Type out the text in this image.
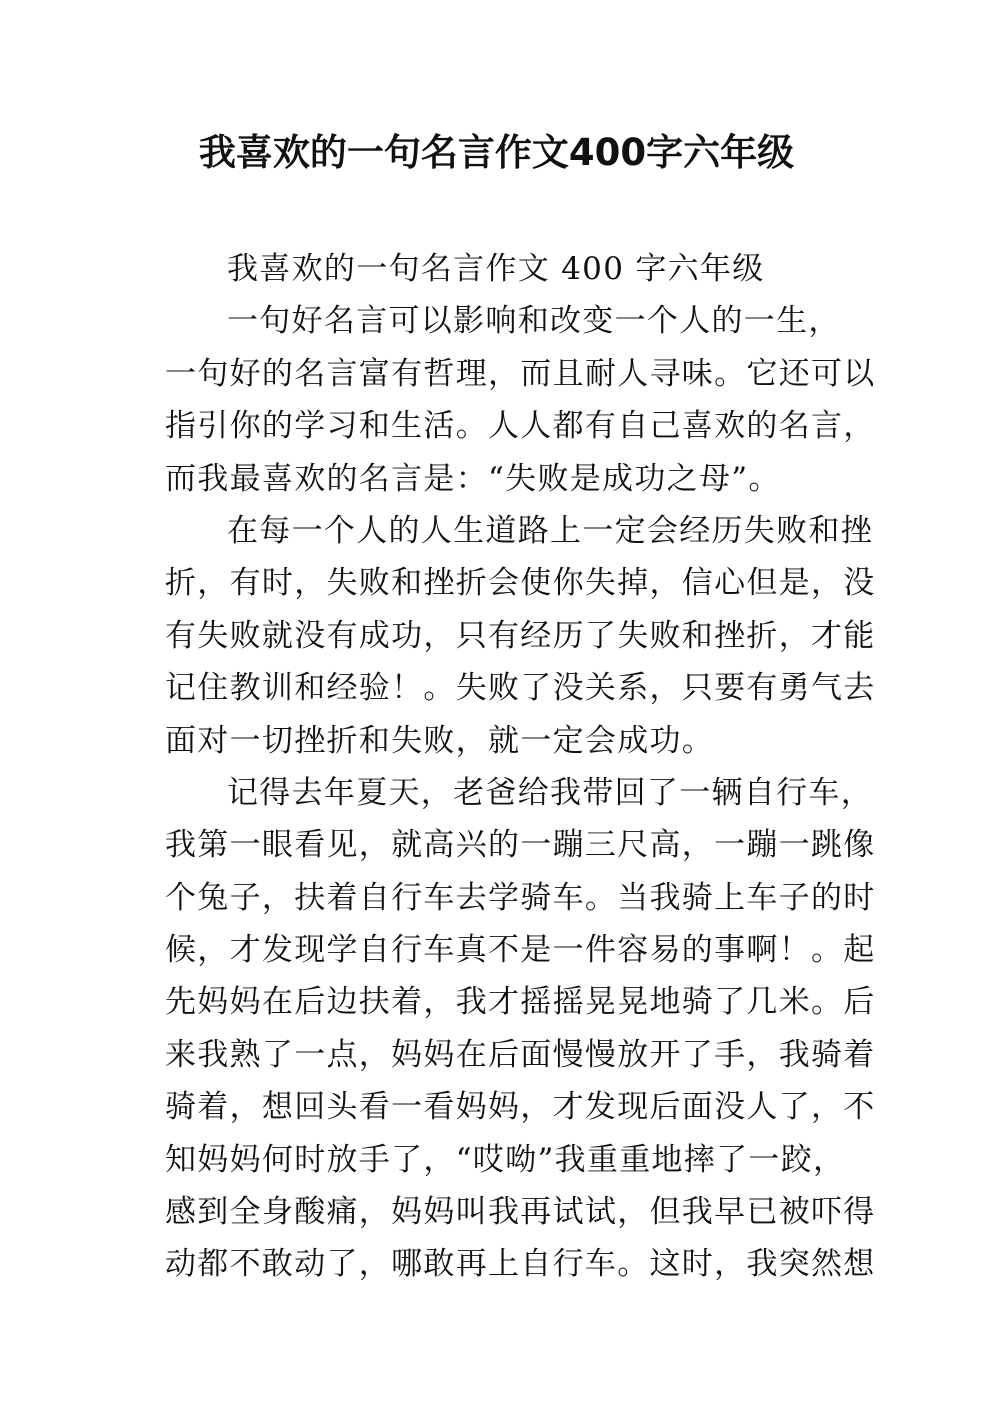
我喜欢的一句名言作文400字六年级
我喜欢的一句名言作文 400 字六年级
一句好名言可以影响和改变一个人的一生，
一句好的名言富有哲理，而且耐人寻味。它还可以
指引你的学习和生活。人人都有自己喜欢的名言，
而我最喜欢的名言是：“失败是成功之母”。
在每一个人的人生道路上一定会经历失败和挫
折，有时，失败和挫折会使你失掉，信心但是，没
有失败就没有成功，只有经历了失败和挫折，才能
记住教训和经验！。失败了没关系，只要有勇气去
面对一切挫折和失败，就一定会成功。
记得去年夏天，老爸给我带回了一辆自行车，
我第一眼看见，就高兴的一蹦三尺高，一蹦一跳像
个兔子，扶着自行车去学骑车。当我骑上车子的时
候，才发现学自行车真不是一件容易的事啊！。起
先妈妈在后边扶着，我才摇摇晃晃地骑了几米。后
来我熟了一点，妈妈在后面慢慢放开了手，我骑着
骑着，想回头看一看妈妈，才发现后面没人了，不
知妈妈何时放手了，“哎呦”我重重地摔了一跤，
感到全身酸痛，妈妈叫我再试试，但我早已被吓得
动都不敢动了，哪敢再上自行车。这时，我突然想
